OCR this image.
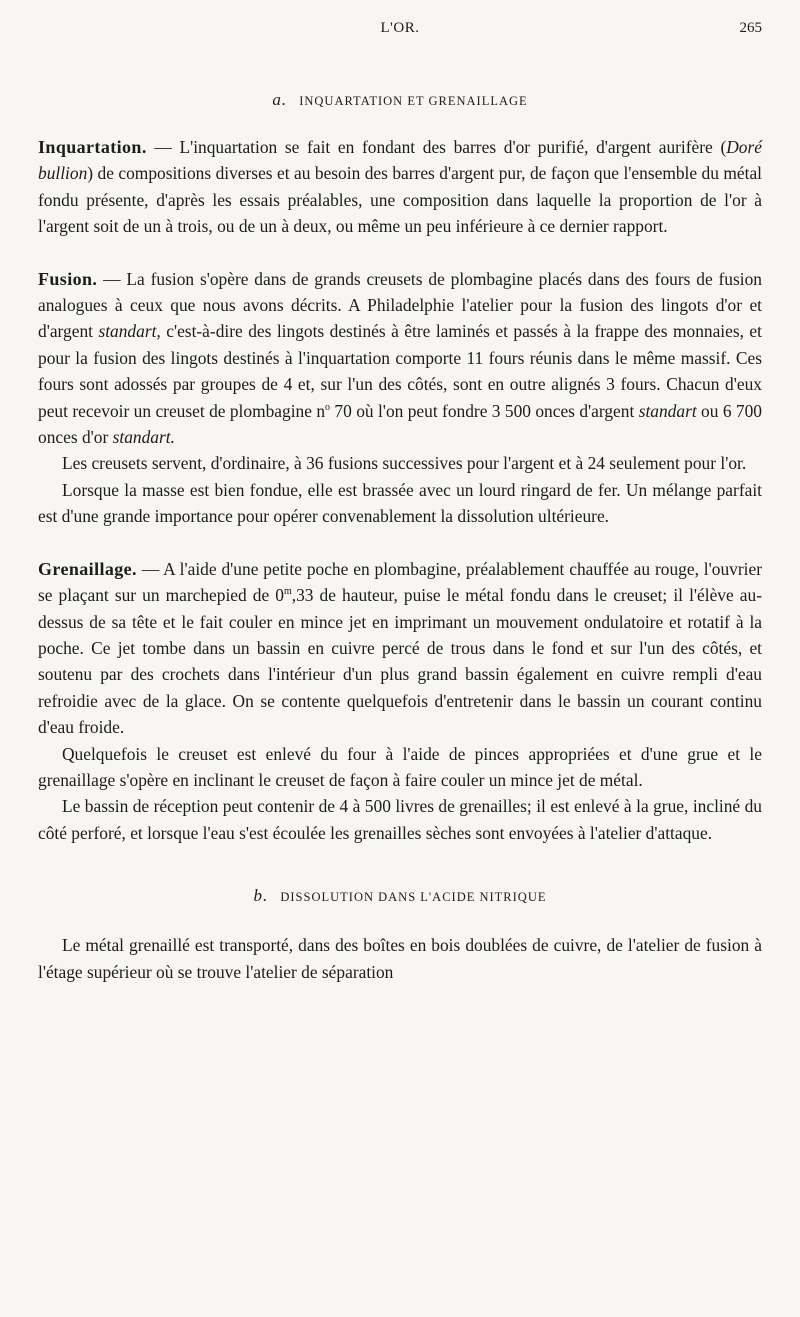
L'OR.	265
a. INQUARTATION ET GRENAILLAGE

Inquartation. — L'inquartation se fait en fondant des barres d'or purifié, d'argent aurifère (Doré bullion) de compositions diverses et au besoin des barres d'argent pur, de façon que l'ensemble du métal fondu présente, d'après les essais préalables, une composition dans laquelle la proportion de l'or à l'argent soit de un à trois, ou de un à deux, ou même un peu inférieure à ce dernier rapport.

Fusion. — La fusion s'opère dans de grands creusets de plombagine placés dans des fours de fusion analogues à ceux que nous avons décrits. A Philadelphie l'atelier pour la fusion des lingots d'or et d'argent standart, c'est-à-dire des lingots destinés à être laminés et passés à la frappe des monnaies, et pour la fusion des lingots destinés à l'inquartation comporte 11 fours réunis dans le même massif. Ces fours sont adossés par groupes de 4 et, sur l'un des côtés, sont en outre alignés 3 fours. Chacun d'eux peut recevoir un creuset de plombagine $n^o$ 70 où l'on peut fondre 3 500 onces d'argent standart ou 6 700 onces d'or standart.

Les creusets servent, d'ordinaire, à 36 fusions successives pour l'argent et à 24 seulement pour l'or.

Lorsque la masse est bien fondue, elle est brassée avec un lourd ringard de fer. Un mélange parfait est d'une grande importance pour opérer convenablement la dissolution ultérieure.

Grenaillage. — A l'aide d'une petite poche en plombagine, préalablement chauffée au rouge, l'ouvrier se plaçant sur un marchepied de 0$^m$,33 de hauteur, puise le métal fondu dans le creuset; il l'élève au-dessus de sa tête et le fait couler en mince jet en imprimant un mouvement ondulatoire et rotatif à la poche. Ce jet tombe dans un bassin en cuivre percé de trous dans le fond et sur l'un des côtés, et soutenu par des crochets dans l'intérieur d'un plus grand bassin également en cuivre rempli d'eau refroidie avec de la glace. On se contente quelquefois d'entretenir dans le bassin un courant continu d'eau froide.

Quelquefois le creuset est enlevé du four à l'aide de pinces appropriées et d'une grue et le grenaillage s'opère en inclinant le creuset de façon à faire couler un mince jet de métal.

Le bassin de réception peut contenir de 4 à 500 livres de grenailles; il est enlevé à la grue, incliné du côté perforé, et lorsque l'eau s'est écoulée les grenailles sèches sont envoyées à l'atelier d'attaque.

b. DISSOLUTION DANS L'ACIDE NITRIQUE

Le métal grenaillé est transporté, dans des boîtes en bois doublées de cuivre, de l'atelier de fusion à l'étage supérieur où se trouve l'atelier de séparation
